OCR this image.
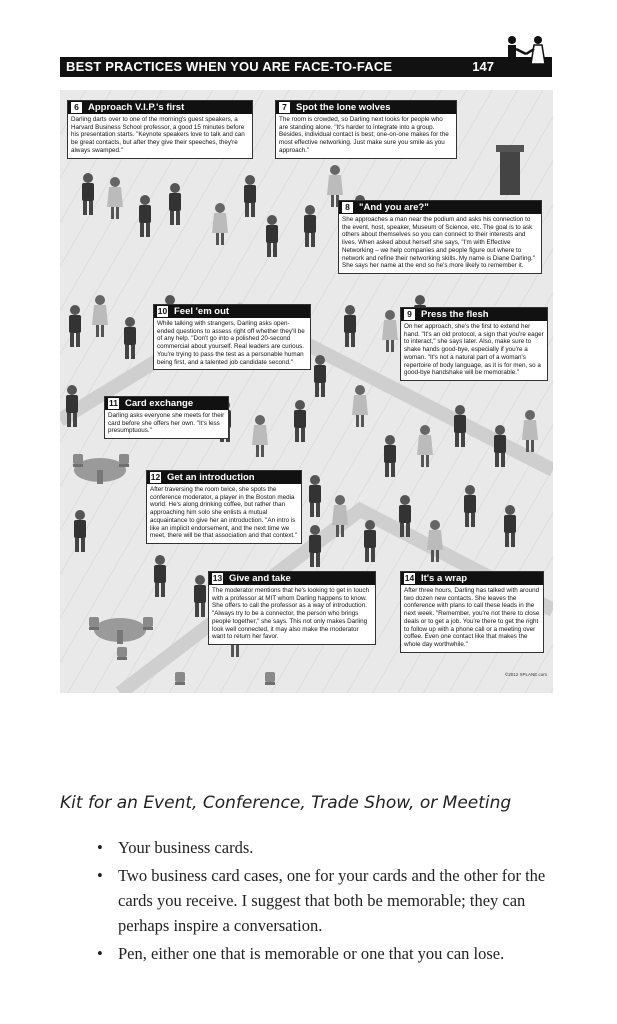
BEST PRACTICES WHEN YOU ARE FACE-TO-FACE	147
6 Approach V.I.P.'s first
Darling darts over to one of the morning's guest speakers, a Harvard Business School professor, a good 15 minutes before his presentation starts. "Keynote speakers love to talk and can be great contacts, but after they give their speeches, they're always swamped."
7 Spot the lone wolves
The room is crowded, so Darling next looks for people who are standing alone. "It's harder to integrate into a group. Besides, individual contact is best; one-on-one makes for the most effective networking. Just make sure you smile as you approach."
8 "And you are?"
She approaches a man near the podium and asks his connection to the event, host, speaker, Museum of Science, etc. The goal is to ask others about themselves so you can connect to their interests and lives. When asked about herself she says, "I'm with Effective Networking – we help companies and people figure out where to network and refine their networking skills. My name is Diane Darling." She says her name at the end so he's more likely to remember it.
10 Feel 'em out
While talking with strangers, Darling asks open-ended questions to assess right off whether they'll be of any help. "Don't go into a polished 20-second commercial about yourself. Real leaders are curious. You're trying to pass the test as a personable human being first, and a talented job candidate second."
9 Press the flesh
On her approach, she's the first to extend her hand. "It's an old protocol, a sign that you're eager to interact," she says later. Also, make sure to shake hands good-bye, especially if you're a woman. "It's not a natural part of a woman's repertoire of body language, as it is for men, so a good-bye handshake will be memorable."
11 Card exchange
Darling asks everyone she meets for their card before she offers her own. "It's less presumptuous."
12 Get an introduction
After traversing the room twice, she spots the conference moderator, a player in the Boston media world. He's along drinking coffee, but rather than approaching him solo she enlists a mutual acquaintance to give her an introduction. "An intro is like an implicit endorsement, and the next time we meet, there will be that association and that context."
13 Give and take
The moderator mentions that he's looking to get in touch with a professor at MIT whom Darling happens to know. She offers to call the professor as a way of introduction. "Always try to be a connector, the person who brings people together," she says. This not only makes Darling look well connected, it may also make the moderator want to return her favor.
14 It's a wrap
After three hours, Darling has talked with around two dozen new contacts. She leaves the conference with plans to call these leads in the next week. "Remember, you're not there to close deals or to get a job. You're there to get the right to follow up with a phone call or a meeting over coffee. Even one contact like that makes the whole day worthwhile."
©2012 XPLANE.com
Kit for an Event, Conference, Trade Show, or Meeting
• Your business cards.
• Two business card cases, one for your cards and the other for the cards you receive. I suggest that both be memorable; they can perhaps inspire a conversation.
• Pen, either one that is memorable or one that you can lose.
